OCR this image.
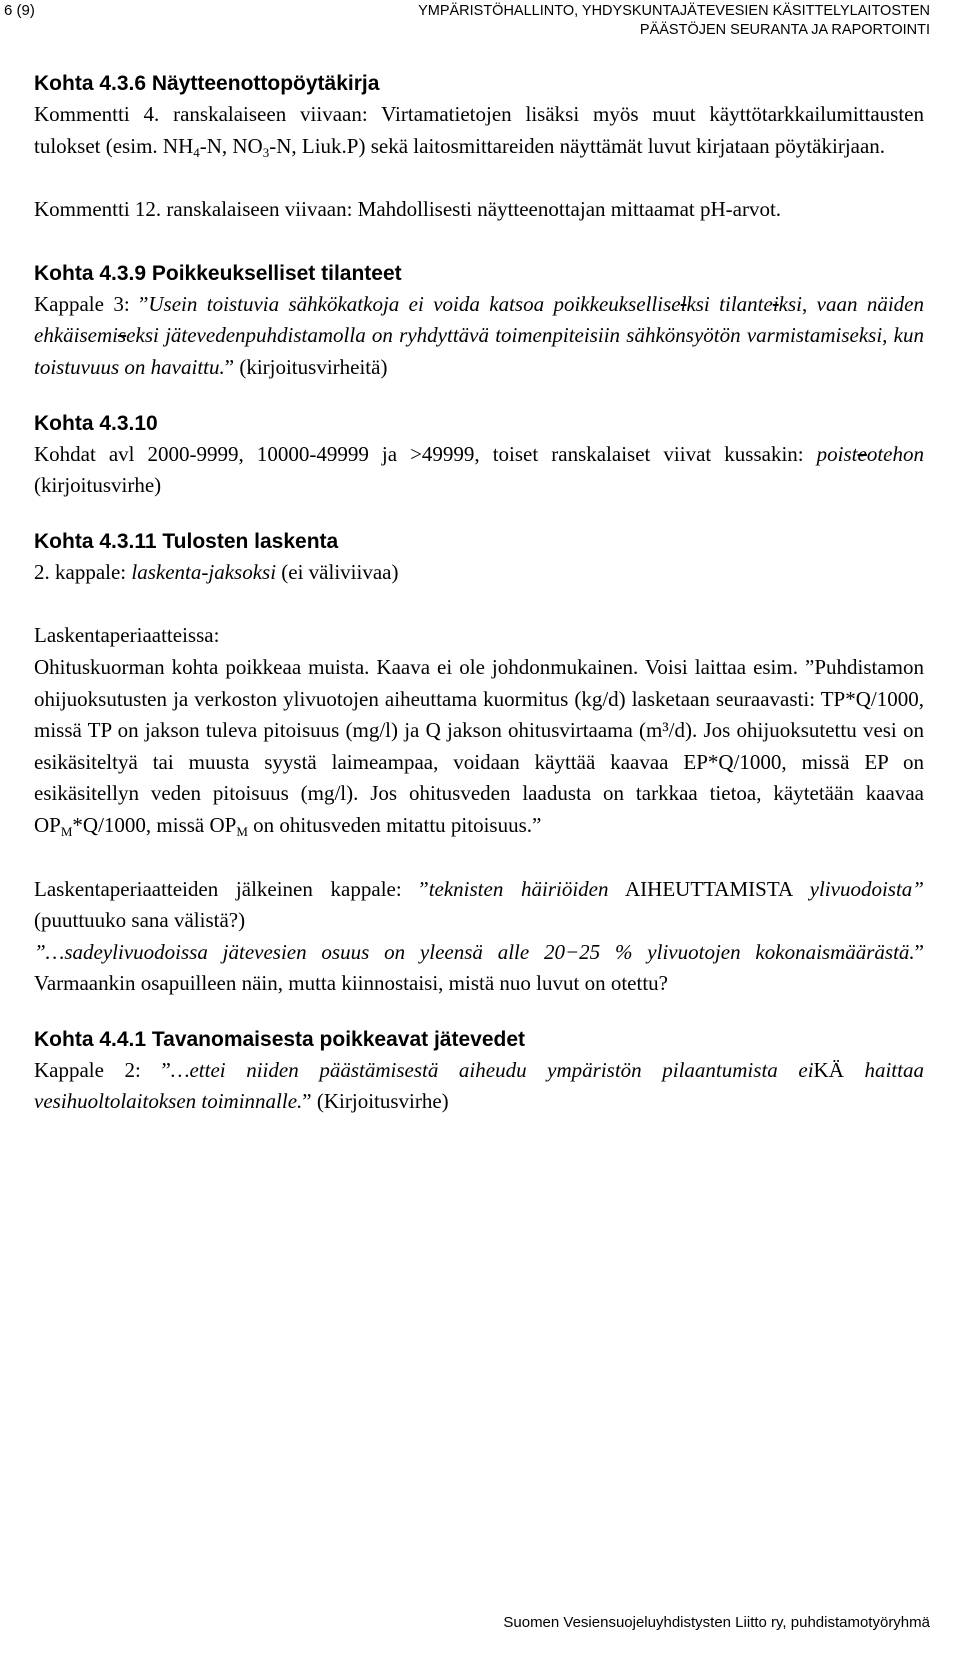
6 (9)	YMPÄRISTÖHALLINTO, YHDYSKUNTAJÄTEVESIEN KÄSITTELYLAITOSTEN
PÄÄSTÖJEN SEURANTA JA RAPORTOINTI
Kohta 4.3.6 Näytteenottopöytäkirja

Kommentti 4. ranskalaiseen viivaan: Virtamatietojen lisäksi myös muut käyttötarkkailumittausten tulokset (esim. $NH_4-N$, $NO_3-N$, Liuk.P) sekä laitosmittareiden näyttämät luvut kirjataan pöytäkirjaan.

Kommentti 12. ranskalaiseen viivaan: Mahdollisesti näytteenottajan mittaamat pH-arvot.

Kohta 4.3.9 Poikkeukselliset tilanteet

Kappale 3: ”Usein toistuvia sähkökatkoja ei voida katsoa poikkeukselliselksi tilanteiksi, vaan näiden ehkäisemiseksi jätevedenpuhdistamolla on ryhdyttävä toimenpiteisiin sähkönsyötön varmistamiseksi, kun toistuvuus on havaittu.” (kirjoitusvirheitä)

Kohta 4.3.10

Kohdat avl 2000-9999, 10000-49999 ja >49999, toiset ranskalaiset viivat kussakin: poisteotehon (kirjoitusvirhe)

Kohta 4.3.11 Tulosten laskenta

2. kappale: laskenta-jaksoksi (ei väliviivaa)

Laskentaperiaatteissa:

Ohituskuorman kohta poikkeaa muista. Kaava ei ole johdonmukainen. Voisi laittaa esim. ”Puhdistamon ohijuoksutusten ja verkoston ylivuotojen aiheuttama kuormitus (kg/d) lasketaan seuraavasti: TP*Q/1000, missä TP on jakson tuleva pitoisuus (mg/l) ja Q jakson ohitusvirtaama (m³/d). Jos ohijuoksutettu vesi on esikäsiteltyä tai muusta syystä laimeampaa, voidaan käyttää kaavaa EP*Q/1000, missä EP on esikäsitellyn veden pitoisuus (mg/l). Jos ohitusveden laadusta on tarkkaa tietoa, käytetään kaavaa $OP_M*Q/1000$, missä $OP_M$ on ohitusveden mitattu pitoisuus.”

Laskentaperiaatteiden jälkeinen kappale: ”teknisten häiriöiden AIHEUTTAMISTA ylivuodoista” (puuttuuko sana välistä?)

”…sadeylivuodoissa jätevesien osuus on yleensä alle 20−25 % ylivuotojen kokonaismäärästä.” Varmaankin osapuilleen näin, mutta kiinnostaisi, mistä nuo luvut on otettu?

Kohta 4.4.1 Tavanomaisesta poikkeavat jätevedet

Kappale 2: ”…ettei niiden päästämisestä aiheudu ympäristön pilaantumista eiKÄ haittaa vesihuoltolaitoksen toiminnalle.” (Kirjoitusvirhe)

Suomen Vesiensuojeluyhdistysten Liitto ry, puhdistamotyöryhmä
